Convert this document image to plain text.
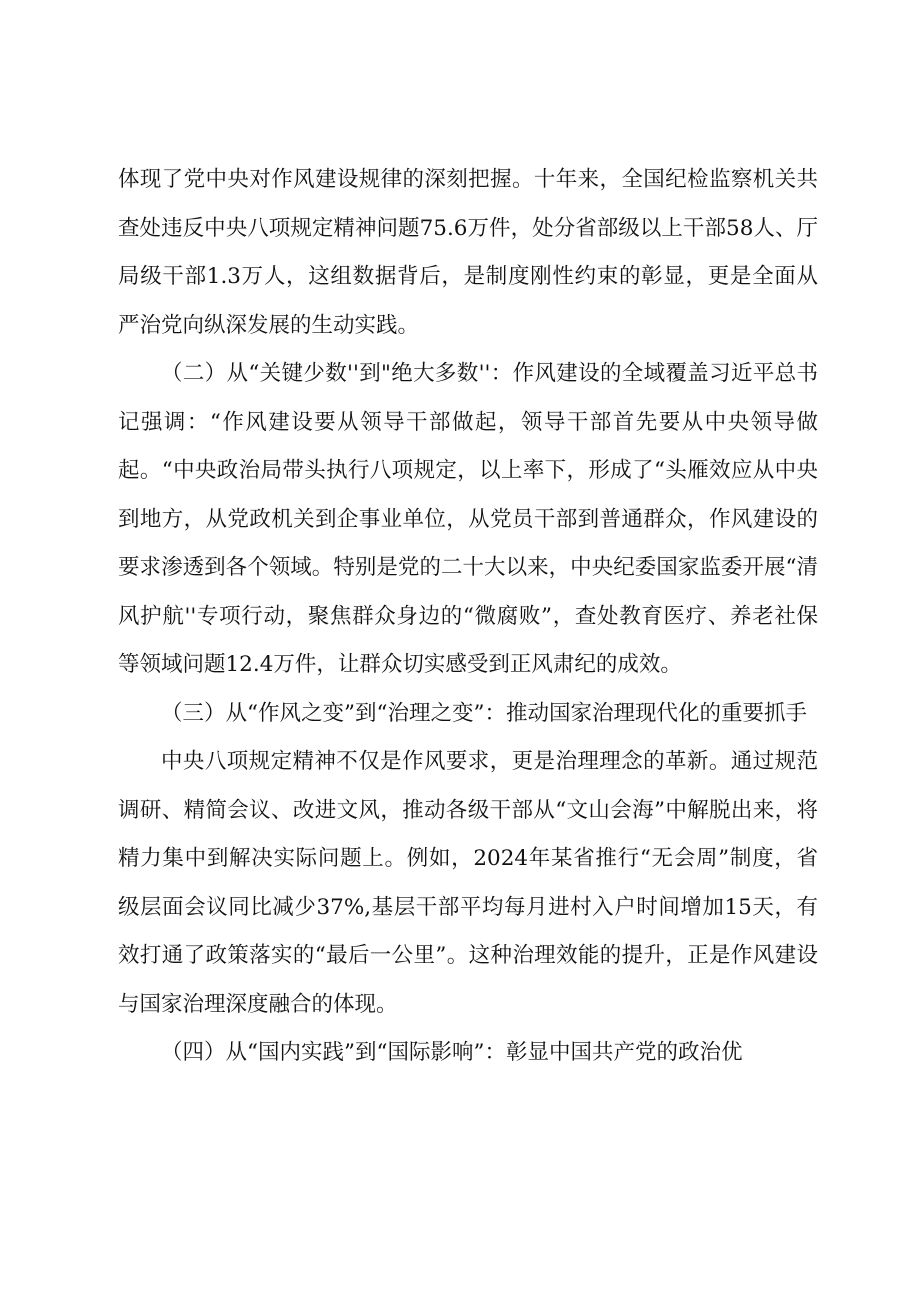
体现了党中央对作风建设规律的深刻把握。十年来，全国纪检监察机关共查处违反中央八项规定精神问题75.6万件，处分省部级以上干部58人、厅局级干部1.3万人，这组数据背后，是制度刚性约束的彰显，更是全面从严治党向纵深发展的生动实践。

（二）从“关键少数''到"绝大多数''：作风建设的全域覆盖习近平总书记强调：“作风建设要从领导干部做起，领导干部首先要从中央领导做起。“中央政治局带头执行八项规定，以上率下，形成了“头雁效应从中央到地方，从党政机关到企事业单位，从党员干部到普通群众，作风建设的要求渗透到各个领域。特别是党的二十大以来，中央纪委国家监委开展“清风护航''专项行动，聚焦群众身边的“微腐败”，查处教育医疗、养老社保等领域问题12.4万件，让群众切实感受到正风肃纪的成效。

（三）从“作风之变”到“治理之变”：推动国家治理现代化的重要抓手

中央八项规定精神不仅是作风要求，更是治理理念的革新。通过规范调研、精简会议、改进文风，推动各级干部从“文山会海”中解脱出来，将精力集中到解决实际问题上。例如，2024年某省推行“无会周”制度，省级层面会议同比减少37%,基层干部平均每月进村入户时间增加15天，有效打通了政策落实的“最后一公里”。这种治理效能的提升，正是作风建设与国家治理深度融合的体现。

（四）从“国内实践”到“国际影响”：彰显中国共产党的政治优
